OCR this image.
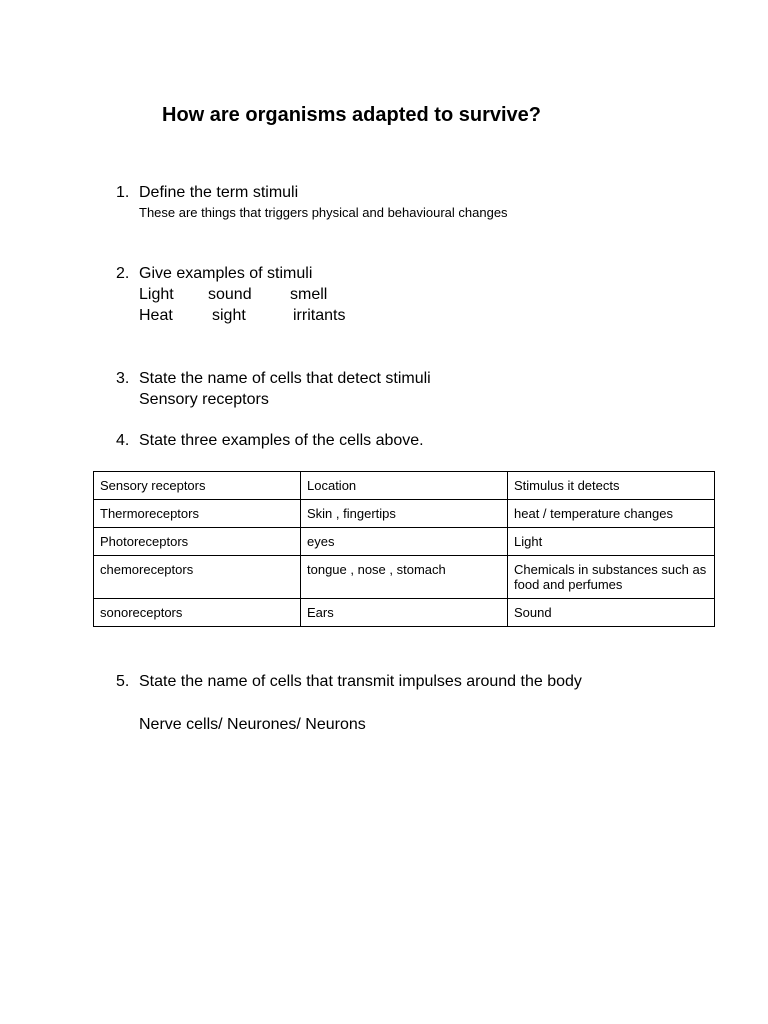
How are organisms adapted to survive?
1. Define the term stimuli
These are things that triggers physical and behavioural changes
2. Give examples of stimuli
Light sound smell
Heat sight	irritants
3. State the name of cells that detect stimuli
Sensory receptors
4. State three examples of the cells above.
Sensory receptors	Location	Stimulus it detects
Thermoreceptors	Skin , fingertips	heat / temperature changes
Photoreceptors	eyes	Light
chemoreceptors	tongue , nose , stomach	Chemicals in substances such as food and perfumes
sonoreceptors	Ears	Sound
5. State the name of cells that transmit impulses around the body
Nerve cells/ Neurones/ Neurons
